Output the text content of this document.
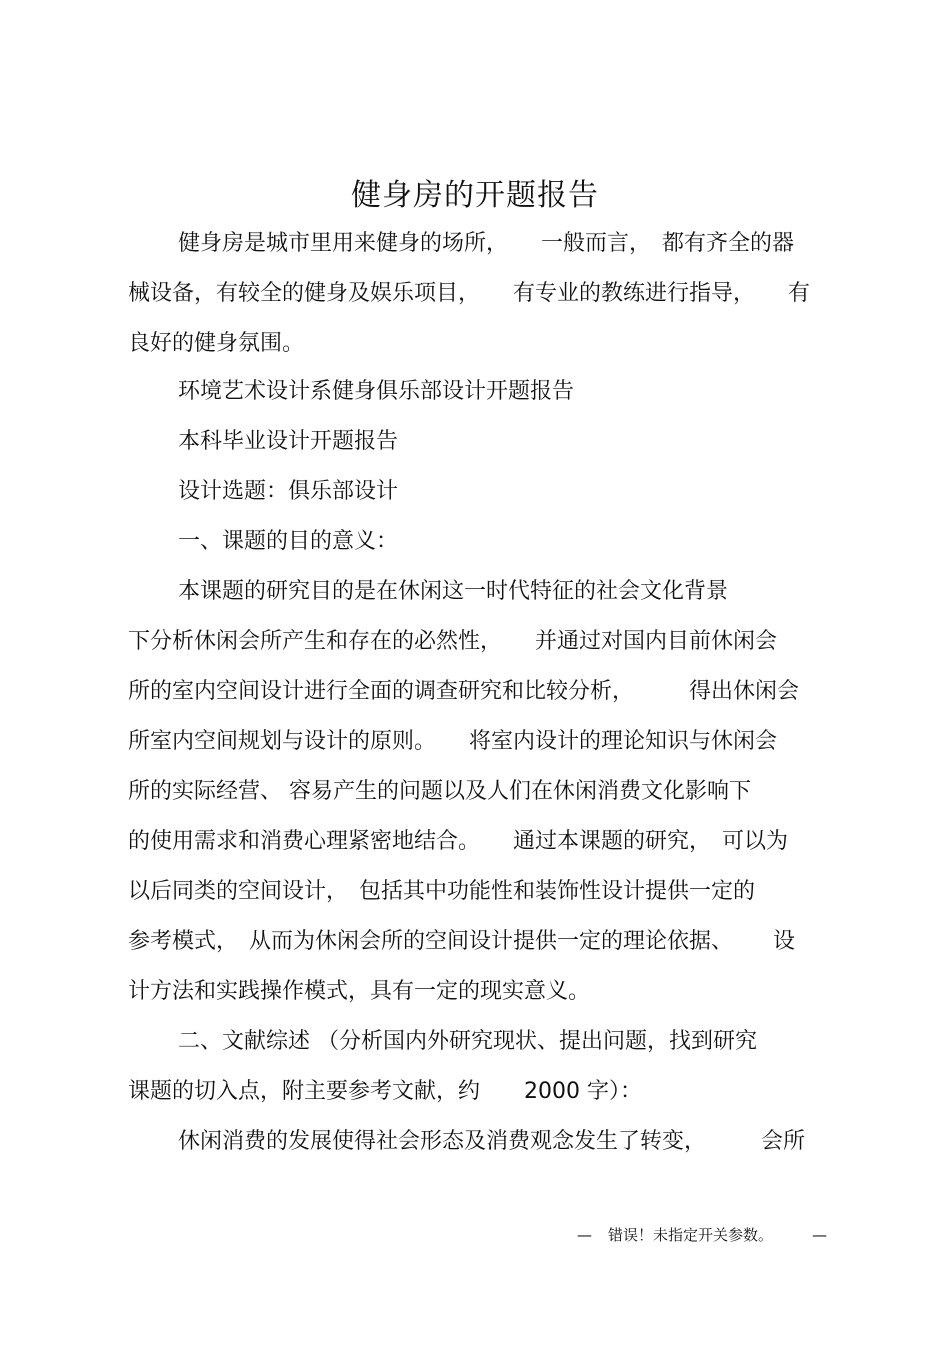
健身房的开题报告
健身房是城市里用来健身的场所，　　一般而言，　都有齐全的器
械设备，有较全的健身及娱乐项目，　　有专业的教练进行指导，　　有
良好的健身氛围。
环境艺术设计系健身俱乐部设计开题报告
本科毕业设计开题报告
设计选题：俱乐部设计
一、课题的目的意义：
本课题的研究目的是在休闲这一时代特征的社会文化背景
下分析休闲会所产生和存在的必然性，　　并通过对国内目前休闲会
所的室内空间设计进行全面的调查研究和比较分析，　　　得出休闲会
所室内空间规划与设计的原则。　　将室内设计的理论知识与休闲会
所的实际经营、 容易产生的问题以及人们在休闲消费文化影响下
的使用需求和消费心理紧密地结合。　　通过本课题的研究，　可以为
以后同类的空间设计，　包括其中功能性和装饰性设计提供一定的
参考模式，　从而为休闲会所的空间设计提供一定的理论依据、　　 设
计方法和实践操作模式，具有一定的现实意义。
二、文献综述 （分析国内外研究现状、提出问题，找到研究
课题的切入点，附主要参考文献，约　　2000 字）：
休闲消费的发展使得社会形态及消费观念发生了转变，　　　会所
— 错误！未指定开关参数。	—
